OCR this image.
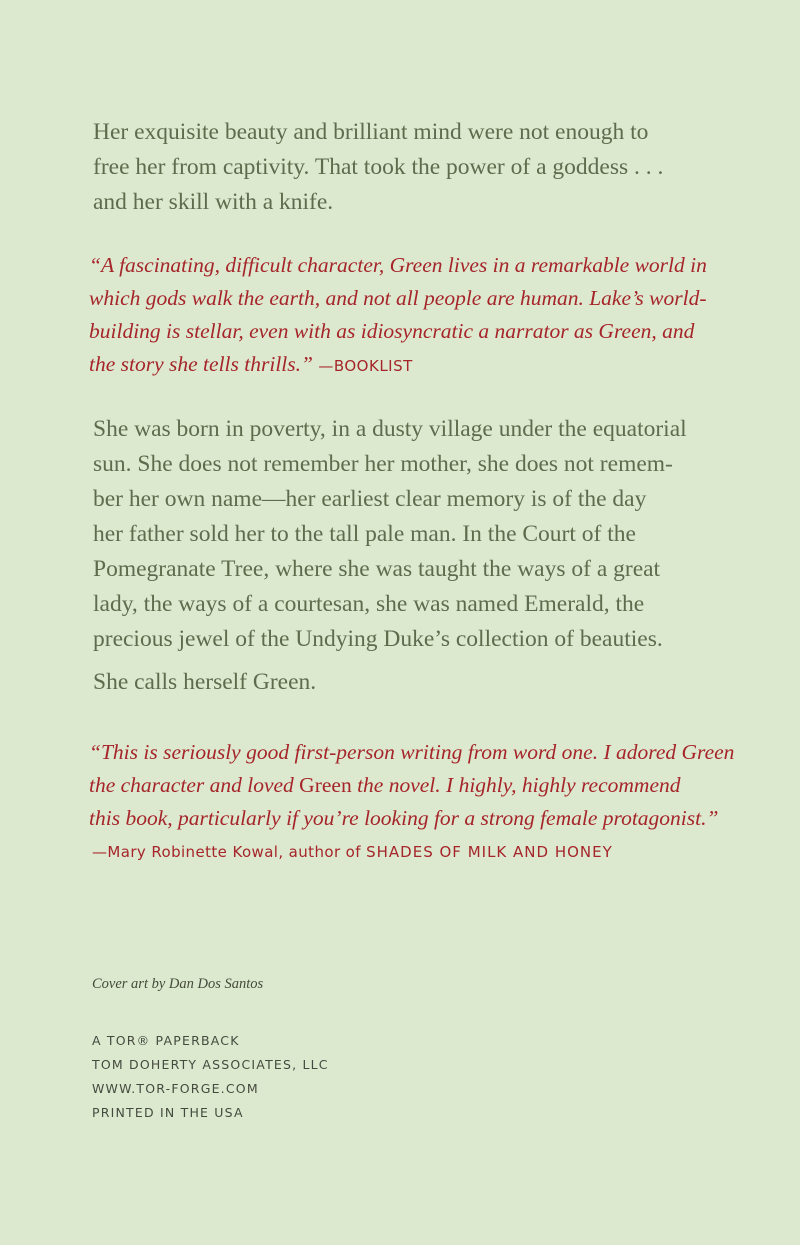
Her exquisite beauty and brilliant mind were not enough to
free her from captivity. That took the power of a goddess . . .
and her skill with a knife.
“A fascinating, difficult character, Green lives in a remarkable world in
which gods walk the earth, and not all people are human. Lake’s world-
building is stellar, even with as idiosyncratic a narrator as Green, and
the story she tells thrills.” —BOOKLIST
She was born in poverty, in a dusty village under the equatorial
sun. She does not remember her mother, she does not remem-
ber her own name—her earliest clear memory is of the day
her father sold her to the tall pale man. In the Court of the
Pomegranate Tree, where she was taught the ways of a great
lady, the ways of a courtesan, she was named Emerald, the
precious jewel of the Undying Duke’s collection of beauties.
She calls herself Green.
“This is seriously good first-person writing from word one. I adored Green
the character and loved Green the novel. I highly, highly recommend
this book, particularly if you’re looking for a strong female protagonist.”
—Mary Robinette Kowal, author of SHADES OF MILK AND HONEY
Cover art by Dan Dos Santos
A TOR® PAPERBACK
TOM DOHERTY ASSOCIATES, LLC
WWW.TOR-FORGE.COM
PRINTED IN THE USA
